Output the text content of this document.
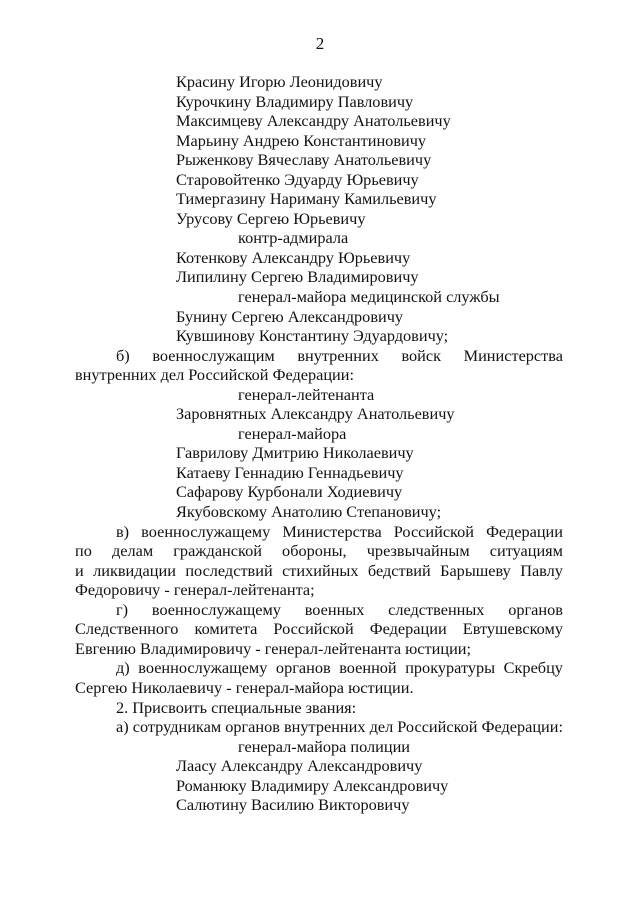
2
Красину Игорю Леонидовичу
Курочкину Владимиру Павловичу
Максимцеву Александру Анатольевичу
Марьину Андрею Константиновичу
Рыженкову Вячеславу Анатольевичу
Старовойтенко Эдуарду Юрьевичу
Тимергазину Нариману Камильевичу
Урусову Сергею Юрьевичу
контр-адмирала
Котенкову Александру Юрьевичу
Липилину Сергею Владимировичу
генерал-майора медицинской службы
Бунину Сергею Александровичу
Кувшинову Константину Эдуардовичу;
б) военнослужащим внутренних войск Министерства
внутренних дел Российской Федерации:
генерал-лейтенанта
Заровнятных Александру Анатольевичу
генерал-майора
Гаврилову Дмитрию Николаевичу
Катаеву Геннадию Геннадьевичу
Сафарову Курбонали Ходиевичу
Якубовскому Анатолию Степановичу;
в) военнослужащему Министерства Российской Федерации
по делам гражданской обороны, чрезвычайным ситуациям
и ликвидации последствий стихийных бедствий Барышеву Павлу
Федоровичу - генерал-лейтенанта;
г) военнослужащему военных следственных органов
Следственного комитета Российской Федерации Евтушевскому
Евгению Владимировичу - генерал-лейтенанта юстиции;
д) военнослужащему органов военной прокуратуры Скребцу
Сергею Николаевичу - генерал-майора юстиции.
2. Присвоить специальные звания:
а) сотрудникам органов внутренних дел Российской Федерации:
генерал-майора полиции
Лаасу Александру Александровичу
Романюку Владимиру Александровичу
Салютину Василию Викторовичу
